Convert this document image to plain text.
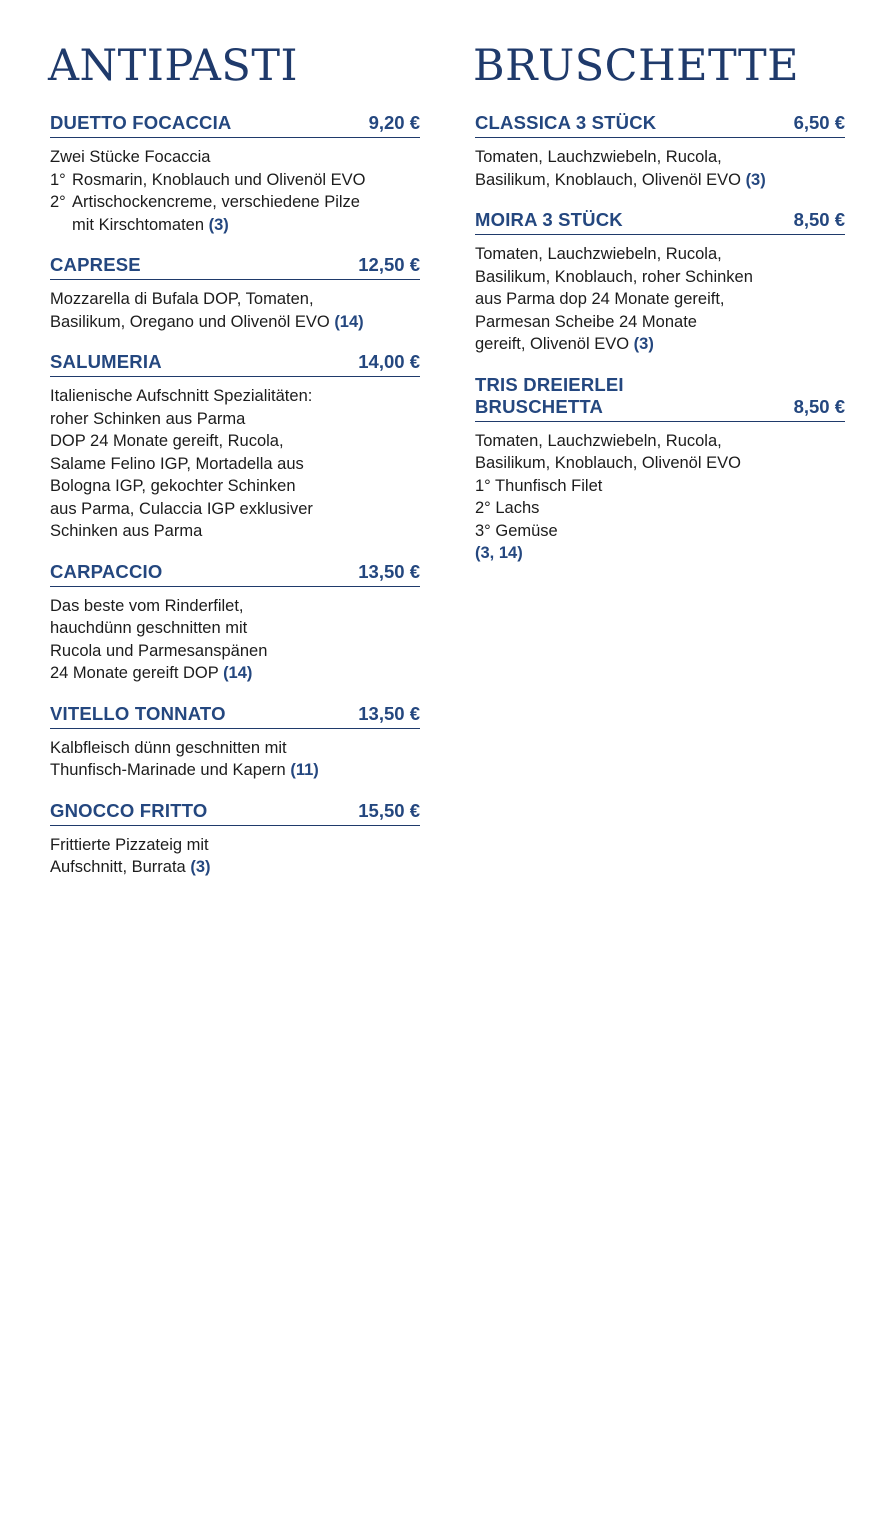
ANTIPASTI
DUETTO FOCACCIA	9,20 €
Zwei Stücke Focaccia
1° Rosmarin, Knoblauch und Olivenöl EVO
2° Artischockencreme, verschiedene Pilze
mit Kirschtomaten (3)
CAPRESE	12,50 €
Mozzarella di Bufala DOP, Tomaten,
Basilikum, Oregano und Olivenöl EVO (14)
SALUMERIA	14,00 €
Italienische Aufschnitt Spezialitäten:
roher Schinken aus Parma
DOP 24 Monate gereift, Rucola,
Salame Felino IGP, Mortadella aus
Bologna IGP, gekochter Schinken
aus Parma, Culaccia IGP exklusiver
Schinken aus Parma
CARPACCIO	13,50 €
Das beste vom Rinderfilet,
hauchdünn geschnitten mit
Rucola und Parmesanspänen
24 Monate gereift DOP (14)
VITELLO TONNATO	13,50 €
Kalbfleisch dünn geschnitten mit
Thunfisch-Marinade und Kapern (11)
GNOCCO FRITTO	15,50 €
Frittierte Pizzateig mit
Aufschnitt, Burrata (3)
BRUSCHETTE
CLASSICA 3 STÜCK	6,50 €
Tomaten, Lauchzwiebeln, Rucola,
Basilikum, Knoblauch, Olivenöl EVO (3)
MOIRA 3 STÜCK	8,50 €
Tomaten, Lauchzwiebeln, Rucola,
Basilikum, Knoblauch, roher Schinken
aus Parma dop 24 Monate gereift,
Parmesan Scheibe 24 Monate
gereift, Olivenöl EVO (3)
TRIS DREIERLEI
BRUSCHETTA	8,50 €
Tomaten, Lauchzwiebeln, Rucola,
Basilikum, Knoblauch, Olivenöl EVO
1° Thunfisch Filet
2° Lachs
3° Gemüse
(3, 14)
